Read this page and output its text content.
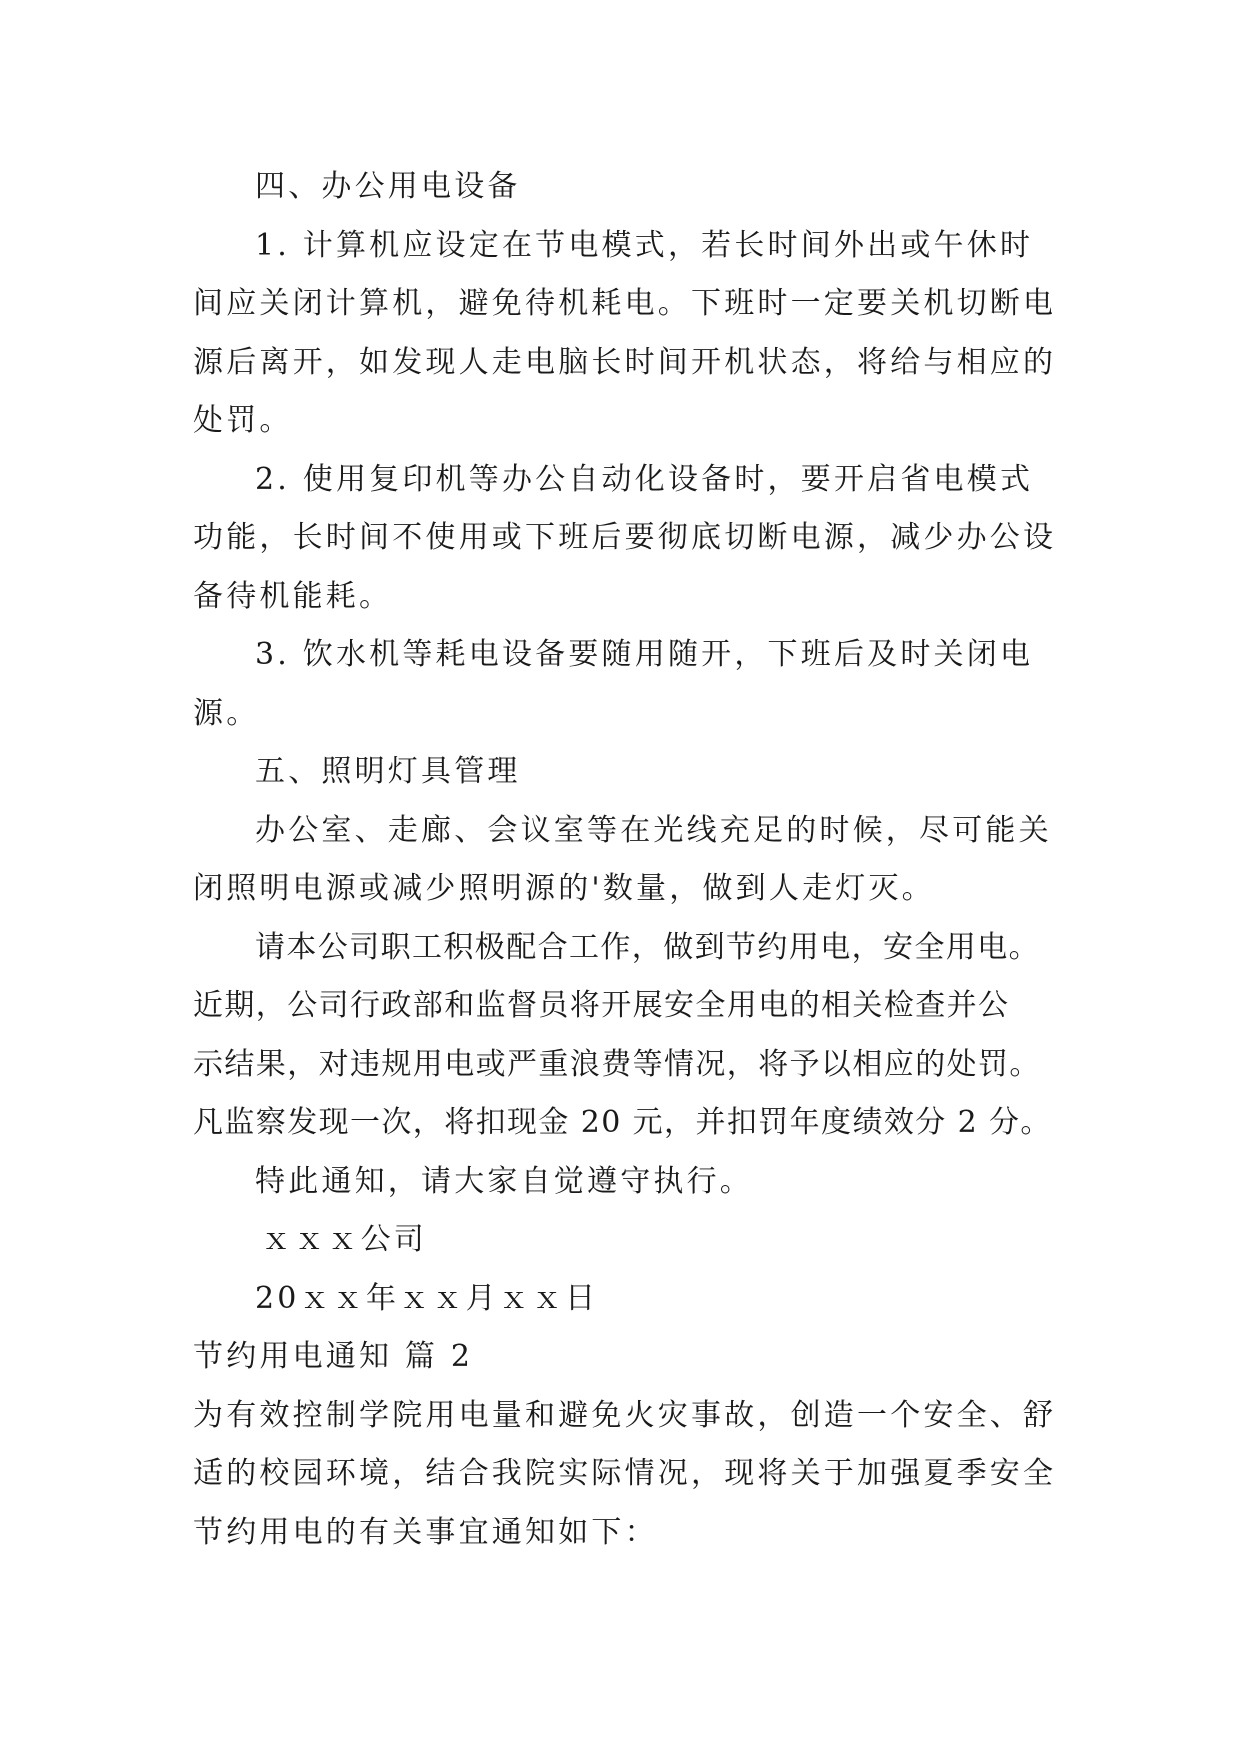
四、办公用电设备
1. 计算机应设定在节电模式，若长时间外出或午休时
间应关闭计算机，避免待机耗电。下班时一定要关机切断电
源后离开，如发现人走电脑长时间开机状态，将给与相应的
处罚。
2. 使用复印机等办公自动化设备时，要开启省电模式
功能，长时间不使用或下班后要彻底切断电源，减少办公设
备待机能耗。
3. 饮水机等耗电设备要随用随开，下班后及时关闭电
源。
五、照明灯具管理
办公室、走廊、会议室等在光线充足的时候，尽可能关
闭照明电源或减少照明源的'数量，做到人走灯灭。
请本公司职工积极配合工作，做到节约用电，安全用电。
近期，公司行政部和监督员将开展安全用电的相关检查并公
示结果，对违规用电或严重浪费等情况，将予以相应的处罚。
凡监察发现一次，将扣现金 20 元，并扣罚年度绩效分 2 分。
特此通知，请大家自觉遵守执行。
ｘｘｘ公司
20ｘｘ年ｘｘ月ｘｘ日
节约用电通知 篇 2
为有效控制学院用电量和避免火灾事故，创造一个安全、舒
适的校园环境，结合我院实际情况，现将关于加强夏季安全
节约用电的有关事宜通知如下：
